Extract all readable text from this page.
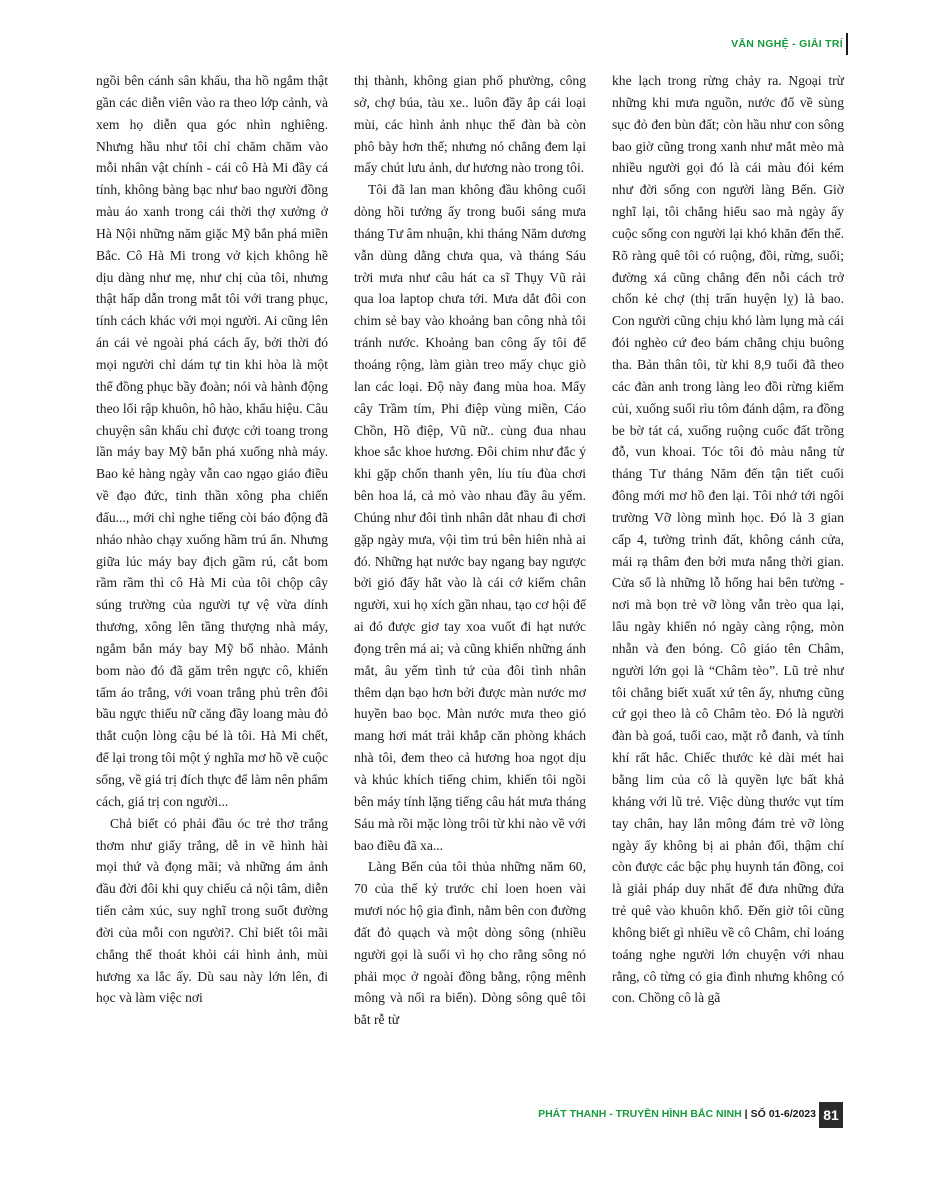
VĂN NGHỆ - GIẢI TRÍ

ngồi bên cánh sân khấu, tha hồ ngắm thật gần các diễn viên vào ra theo lớp cảnh, và xem họ diễn qua góc nhìn nghiêng. Nhưng hầu như tôi chỉ chăm chăm vào mỗi nhân vật chính - cái cô Hà Mi đầy cá tính, không bàng bạc như bao người đồng màu áo xanh trong cái thời thợ xưởng ở Hà Nội những năm giặc Mỹ bắn phá miền Bắc. Cô Hà Mi trong vở kịch không hề dịu dàng như mẹ, như chị của tôi, nhưng thật hấp dẫn trong mắt tôi với trang phục, tính cách khác với mọi người. Ai cũng lên án cái vẻ ngoài phá cách ấy, bởi thời đó mọi người chỉ dám tự tin khi hòa là một thể đồng phục bầy đoàn; nói và hành động theo lối rập khuôn, hô hào, khẩu hiệu. Câu chuyện sân khấu chỉ được cởi toang trong lần máy bay Mỹ bắn phá xuống nhà máy. Bao kẻ hàng ngày vẫn cao ngạo giáo điều về đạo đức, tinh thần xông pha chiến đấu..., mới chỉ nghe tiếng còi báo động đã nháo nhào chạy xuống hầm trú ẩn. Nhưng giữa lúc máy bay địch gầm rú, cắt bom rầm rầm thì cô Hà Mi của tôi chộp cây súng trường của người tự vệ vừa dính thương, xông lên tầng thượng nhà máy, ngắm bắn máy bay Mỹ bổ nhào. Mảnh bom nào đó đã găm trên ngực cô, khiến tấm áo trắng, với voan trắng phủ trên đôi bầu ngực thiếu nữ căng đầy loang màu đỏ thắt cuộn lòng cậu bé là tôi. Hà Mi chết, để lại trong tôi một ý nghĩa mơ hồ về cuộc sống, về giá trị đích thực để làm nên phẩm cách, giá trị con người...

Chả biết có phải đầu óc trẻ thơ trắng thơm như giấy trắng, dễ in vẽ hình hài mọi thứ và đọng mãi; và những ám ảnh đầu đời đôi khi quy chiếu cả nội tâm, diễn tiến cảm xúc, suy nghĩ trong suốt đường đời của mỗi con người?. Chỉ biết tôi mãi chẳng thể thoát khỏi cái hình ảnh, mùi hương xa lắc ấy. Dù sau này lớn lên, đi học và làm việc nơi

thị thành, không gian phố phường, công sở, chợ búa, tàu xe.. luôn đầy ắp cái loại mùi, các hình ảnh nhục thể đàn bà còn phô bày hơn thế; nhưng nó chẳng đem lại mấy chút lưu ảnh, dư hương nào trong tôi.

Tôi đã lan man không đầu không cuối dòng hồi tưởng ấy trong buổi sáng mưa tháng Tư âm nhuận, khi tháng Năm dương vẫn dùng dằng chưa qua, và tháng Sáu trời mưa như câu hát ca sĩ Thụy Vũ rải qua loa laptop chưa tới. Mưa dắt đôi con chim sẻ bay vào khoảng ban công nhà tôi tránh nước. Khoảng ban công ấy tôi để thoáng rộng, làm giàn treo mấy chục giò lan các loại. Độ này đang mùa hoa. Mấy cây Trầm tím, Phi điệp vùng miền, Cáo Chồn, Hồ điệp, Vũ nữ.. cùng đua nhau khoe sắc khoe hương. Đôi chim như đắc ý khi gặp chốn thanh yên, líu tíu đùa chơi bên hoa lá, cả mỏ vào nhau đầy âu yếm. Chúng như đôi tình nhân dắt nhau đi chơi gặp ngày mưa, vội tìm trú bên hiên nhà ai đó. Những hạt nước bay ngang bay ngược bởi gió đẩy hắt vào là cái cớ kiếm chân người, xui họ xích gần nhau, tạo cơ hội để ai đó được giơ tay xoa vuốt đi hạt nước đọng trên má ai; và cũng khiến những ánh mắt, âu yếm tình tứ của đôi tình nhân thêm dạn bạo hơn bởi được màn nước mơ huyền bao bọc. Màn nước mưa theo gió mang hơi mát trải khắp căn phòng khách nhà tôi, đem theo cả hương hoa ngọt dịu và khúc khích tiếng chim, khiến tôi ngồi bên máy tính lặng tiếng câu hát mưa tháng Sáu mà rồi mặc lòng trôi từ khi nào về với bao điều đã xa...

Làng Bến của tôi thủa những năm 60, 70 của thế kỷ trước chỉ loen hoen vài mươi nóc hộ gia đình, nằm bên con đường đất đỏ quạch và một dòng sông (nhiều người gọi là suối vì họ cho rằng sông nó phải mọc ở ngoài đồng bằng, rộng mênh mông và nối ra biển). Dòng sông quê tôi bắt rễ từ

khe lạch trong rừng chảy ra. Ngoại trừ những khi mưa nguồn, nước đổ về sùng sục đỏ đen bùn đất; còn hầu như con sông bao giờ cũng trong xanh như mắt mèo mà nhiều người gọi đó là cái màu đói kém như đời sống con người làng Bến. Giờ nghĩ lại, tôi chẳng hiểu sao mà ngày ấy cuộc sống con người lại khó khăn đến thế. Rõ ràng quê tôi có ruộng, đồi, rừng, suối; đường xá cũng chẳng đến nỗi cách trở chốn kẻ chợ (thị trấn huyện lỵ) là bao. Con người cũng chịu khó làm lụng mà cái đói nghèo cứ đeo bám chẳng chịu buông tha. Bản thân tôi, từ khi 8,9 tuổi đã theo các đàn anh trong làng leo đồi rừng kiếm củi, xuống suối rìu tôm đánh dậm, ra đồng be bờ tát cá, xuống ruộng cuốc đất trồng đỗ, vun khoai. Tóc tôi đỏ màu nắng từ tháng Tư tháng Năm đến tận tiết cuối đông mới mơ hồ đen lại. Tôi nhớ tới ngôi trường Vỡ lòng mình học. Đó là 3 gian cấp 4, tường trình đất, không cánh cửa, mái rạ thâm đen bởi mưa nắng thời gian. Cửa sổ là những lỗ hổng hai bên tường - nơi mà bọn trẻ vỡ lòng vẫn trèo qua lại, lâu ngày khiến nó ngày càng rộng, mòn nhẵn và đen bóng. Cô giáo tên Châm, người lớn gọi là “Châm tèo”. Lũ trẻ như tôi chẳng biết xuất xứ tên ấy, nhưng cũng cứ gọi theo là cô Châm tèo. Đó là người đàn bà goá, tuổi cao, mặt rỗ đanh, và tính khí rất hắc. Chiếc thước kẻ dài mét hai bằng lim của cô là quyền lực bất khả kháng với lũ trẻ. Việc dùng thước vụt tím tay chân, hay lắn mông đám trẻ vỡ lòng ngày ấy không bị ai phản đối, thậm chí còn được các bậc phụ huynh tán đồng, coi là giải pháp duy nhất để đưa những đứa trẻ quê vào khuôn khổ. Đến giờ tôi cũng không biết gì nhiều về cô Châm, chỉ loáng toáng nghe người lớn chuyện với nhau rằng, cô từng có gia đình nhưng không có con. Chồng cô là gã

PHÁT THANH - TRUYỀN HÌNH BẮC NINH | SỐ 01-6/2023 81
